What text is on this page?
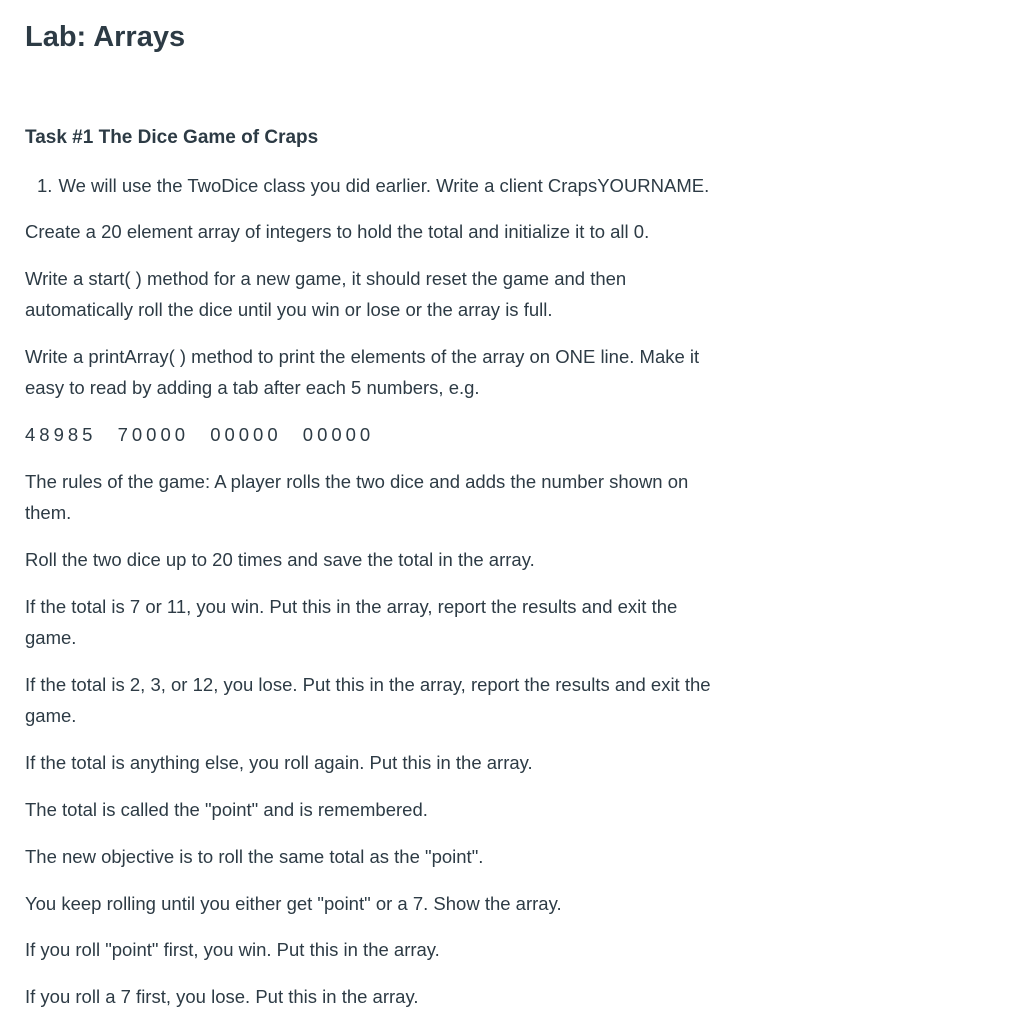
Lab: Arrays
Task #1 The Dice Game of Craps

1. We will use the TwoDice class you did earlier. Write a client CrapsYOURNAME.

Create a 20 element array of integers to hold the total and initialize it to all 0.

Write a start( ) method for a new game, it should reset the game and then
automatically roll the dice until you win or lose or the array is full.

Write a printArray( ) method to print the elements of the array on ONE line. Make it
easy to read by adding a tab after each 5 numbers, e.g.

48985 70000 00000 00000

The rules of the game: A player rolls the two dice and adds the number shown on
them.

Roll the two dice up to 20 times and save the total in the array.

If the total is 7 or 11, you win. Put this in the array, report the results and exit the
game.

If the total is 2, 3, or 12, you lose. Put this in the array, report the results and exit the
game.

If the total is anything else, you roll again. Put this in the array.

The total is called the "point" and is remembered.

The new objective is to roll the same total as the "point".

You keep rolling until you either get "point" or a 7. Show the array.

If you roll "point" first, you win. Put this in the array.

If you roll a 7 first, you lose. Put this in the array.
